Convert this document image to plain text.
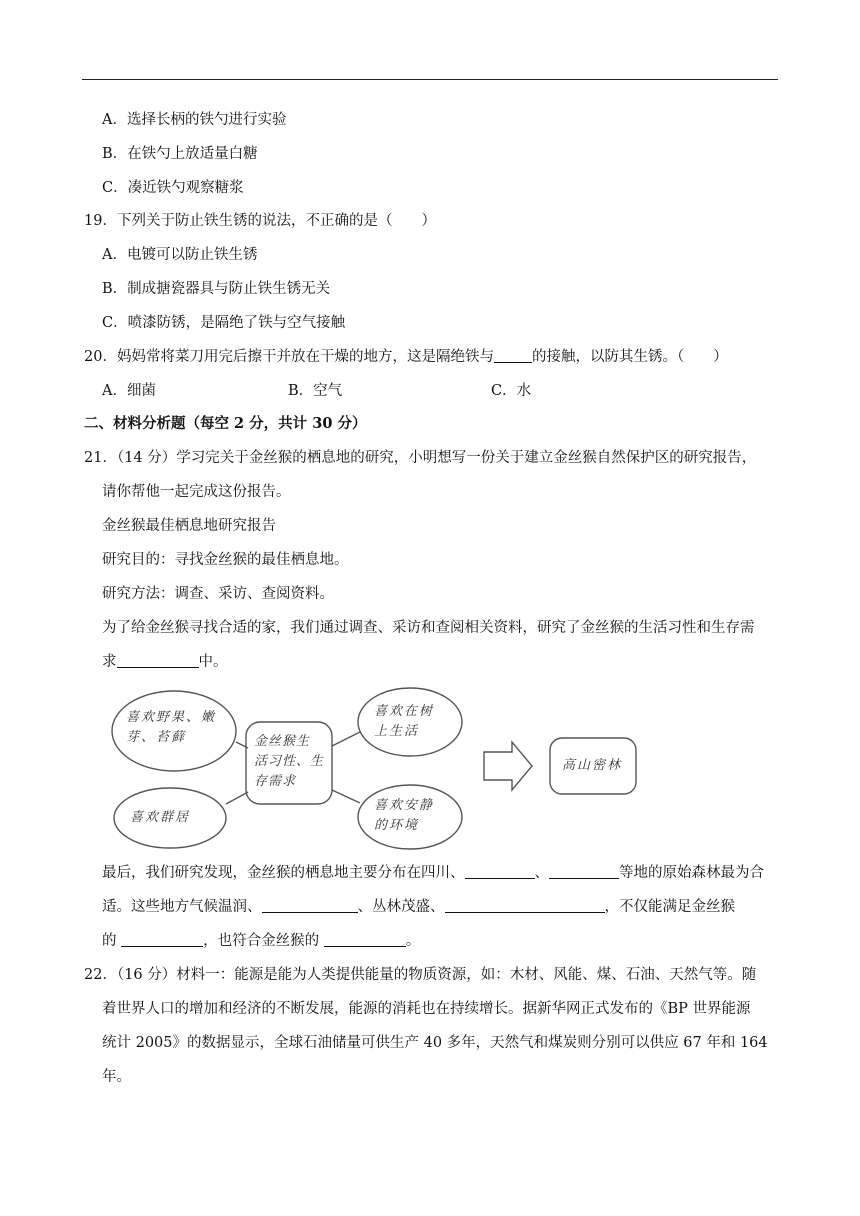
A．选择长柄的铁勺进行实验
B．在铁勺上放适量白糖
C．凑近铁勺观察糖浆
19．下列关于防止铁生锈的说法，不正确的是（　　）
A．电镀可以防止铁生锈
B．制成搪瓷器具与防止铁生锈无关
C．喷漆防锈，是隔绝了铁与空气接触
20．妈妈常将菜刀用完后擦干并放在干燥的地方，这是隔绝铁与	的接触，以防其生锈。（　　）
A．细菌	B．空气	C．水
二、材料分析题（每空 2 分，共计 30 分）
21．（14 分）学习完关于金丝猴的栖息地的研究，小明想写一份关于建立金丝猴自然保护区的研究报告，
请你帮他一起完成这份报告。
金丝猴最佳栖息地研究报告
研究目的：寻找金丝猴的最佳栖息地。
研究方法：调查、采访、查阅资料。
为了给金丝猴寻找合适的家，我们通过调查、采访和查阅相关资料，研究了金丝猴的生活习性和生存需
求	中。
喜欢野果、嫩
芽、苔藓	金丝猴生
活习性、生
存需求
喜欢在树
上生活
喜欢群居
喜欢安静
的环境
高山密林
最后，我们研究发现，金丝猴的栖息地主要分布在四川、	、	等地的原始森林最为合
适。这些地方气候温润、	、丛林茂盛、	，不仅能满足金丝猴
的	，也符合金丝猴的	。
22．（16 分）材料一：能源是能为人类提供能量的物质资源，如：木材、风能、煤、石油、天然气等。随
着世界人口的增加和经济的不断发展，能源的消耗也在持续增长。据新华网正式发布的《BP 世界能源
统计 2005》的数据显示，全球石油储量可供生产 40 多年，天然气和煤炭则分别可以供应 67 年和 164
年。
